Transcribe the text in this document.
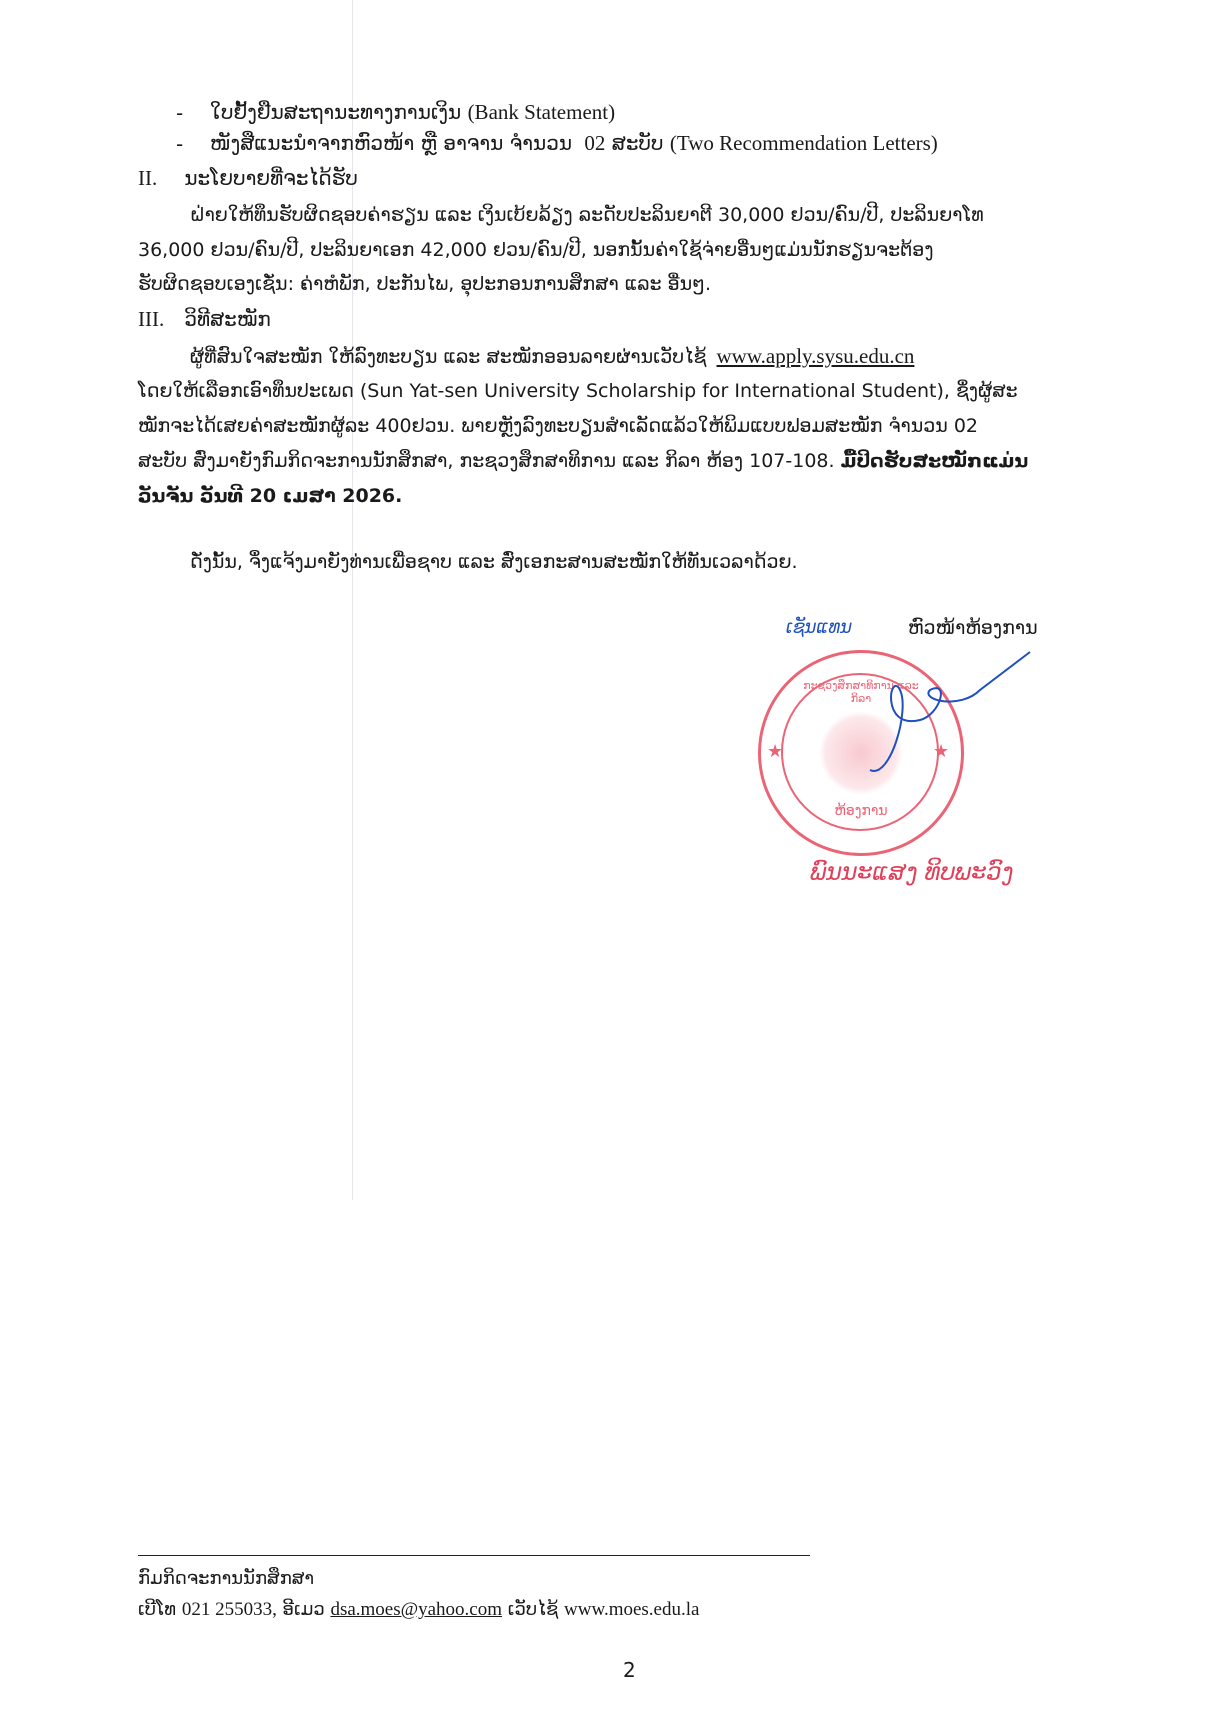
- ໃບຢັ້ງຢືນສະຖານະທາງການເງິນ (Bank Statement)
- ໜັງສືແນະນຳຈາກຫົວໜ້າ ຫຼື ອາຈານ ຈຳນວນ 02 ສະບັບ (Two Recommendation Letters)
II. ນະໂຍບາຍທີ່ຈະໄດ້ຮັບ
ຝ່າຍໃຫ້ທຶນຮັບຜິດຊອບຄ່າຮຽນ ແລະ ເງິນເບ້ຍລ້ຽງ ລະດັບປະລິນຍາຕີ 30,000 ຢວນ/ຄົນ/ປີ, ປະລິນຍາໂທ
36,000 ຢວນ/ຄົນ/ປີ, ປະລິນຍາເອກ 42,000 ຢວນ/ຄົນ/ປີ, ນອກນັ້ນຄ່າໃຊ້ຈ່າຍອື່ນໆແມ່ນນັກຮຽນຈະຕ້ອງ
ຮັບຜິດຊອບເອງເຊັ່ນ: ຄ່າຫໍພັກ, ປະກັນໄພ, ອຸປະກອນການສຶກສາ ແລະ ອື່ນໆ.
III. ວິທີສະໝັກ
ຜູ້ທີ່ສົນໃຈສະໝັກ ໃຫ້ລົງທະບຽນ ແລະ ສະໝັກອອນລາຍຜ່ານເວັບໄຊ້ www.apply.sysu.edu.cn
ໂດຍໃຫ້ເລືອກເອົາທຶນປະເພດ (Sun Yat-sen University Scholarship for International Student), ຊຶ່ງຜູ້ສະ
ໝັກຈະໄດ້ເສຍຄ່າສະໝັກຜູ້ລະ 400ຢວນ. ພາຍຫຼັງລົງທະບຽນສຳເລັດແລ້ວໃຫ້ພິມແບບຟອມສະໝັກ ຈຳນວນ 02
ສະບັບ ສົ່ງມາຍັງກົມກິດຈະການນັກສຶກສາ, ກະຊວງສຶກສາທິການ ແລະ ກິລາ ຫ້ອງ 107-108. ມື້ປິດຮັບສະໝັກແມ່ນ
ວັນຈັນ ວັນທີ 20 ເມສາ 2026.
ດັ່ງນັ້ນ, ຈຶ່ງແຈ້ງມາຍັງທ່ານເພື່ອຊາບ ແລະ ສົ່ງເອກະສານສະໝັກໃຫ້ທັນເວລາດ້ວຍ.
ເຊັນແທນ	ຫົວໜ້າຫ້ອງການ
★	★
ກະຊວງສຶກສາທິການ ແລະ ກິລາ
ຫ້ອງການ
ພົນນະແສງ ທິບພະວົງ
ກົມກິດຈະການນັກສຶກສາ
ເບີໂທ 021 255033, ອີເມວ dsa.moes@yahoo.com ເວັບໄຊ້ www.moes.edu.la
2
